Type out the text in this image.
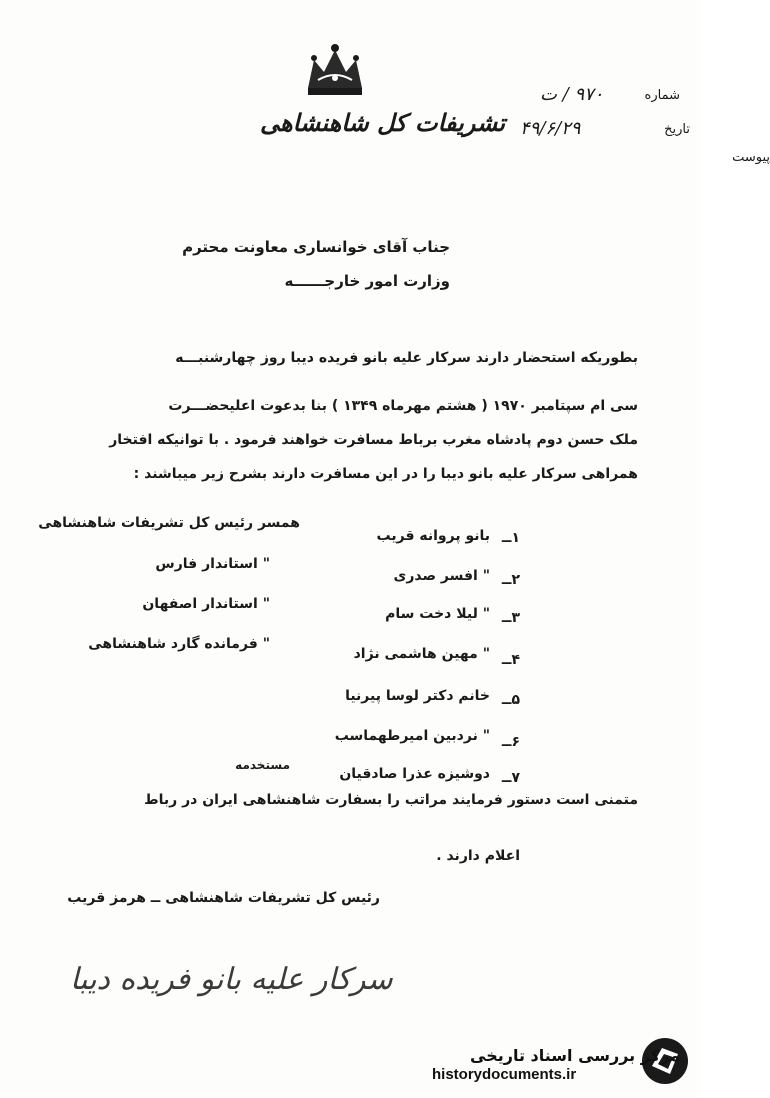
تشریفات کل شاهنشاهی
شماره
۹۷۰ / ت
تاریخ
۴۹/۶/۲۹
پیوست
جناب آقای خوانساری معاونت محترم
وزارت امور خارجــــــه
بطوریکه استحضار دارند سرکار علیه بانو فریده دیبا روز چهارشنبـــه
سی ام سپتامبر ۱۹۷۰ ( هشتم مهرماه ۱۳۴۹ ) بنا بدعوت اعلیحضـــرت
ملک حسن دوم پادشاه مغرب برباط مسافرت خواهند فرمود . با توانیکه افتخار
همراهی سرکار علیه بانو دیبا را در این مسافرت دارند بشرح زیر میباشند :
۱ــ
بانو پروانه قریب
همسر رئیس کل تشریفات شاهنشاهی
۲ــ
" افسر صدری
" استاندار فارس
۳ــ
" لیلا دخت سام
" استاندار اصفهان
۴ــ
" مهین هاشمی نژاد
" فرمانده گارد شاهنشاهی
۵ــ
خانم دکتر لوسا پیرنیا
۶ــ
" نردبین امیرطهماسب
۷ــ
دوشیزه عذرا صادقیان
مستخدمه
متمنی است دستور فرمایند مراتب را بسفارت شاهنشاهی ایران در رباط
اعلام دارند .
رئیس کل تشریفات شاهنشاهی ــ هرمز قریب
سرکار علیه بانو فریده دیبا
مرکز بررسی اسناد تاریخی
historydocuments.ir
